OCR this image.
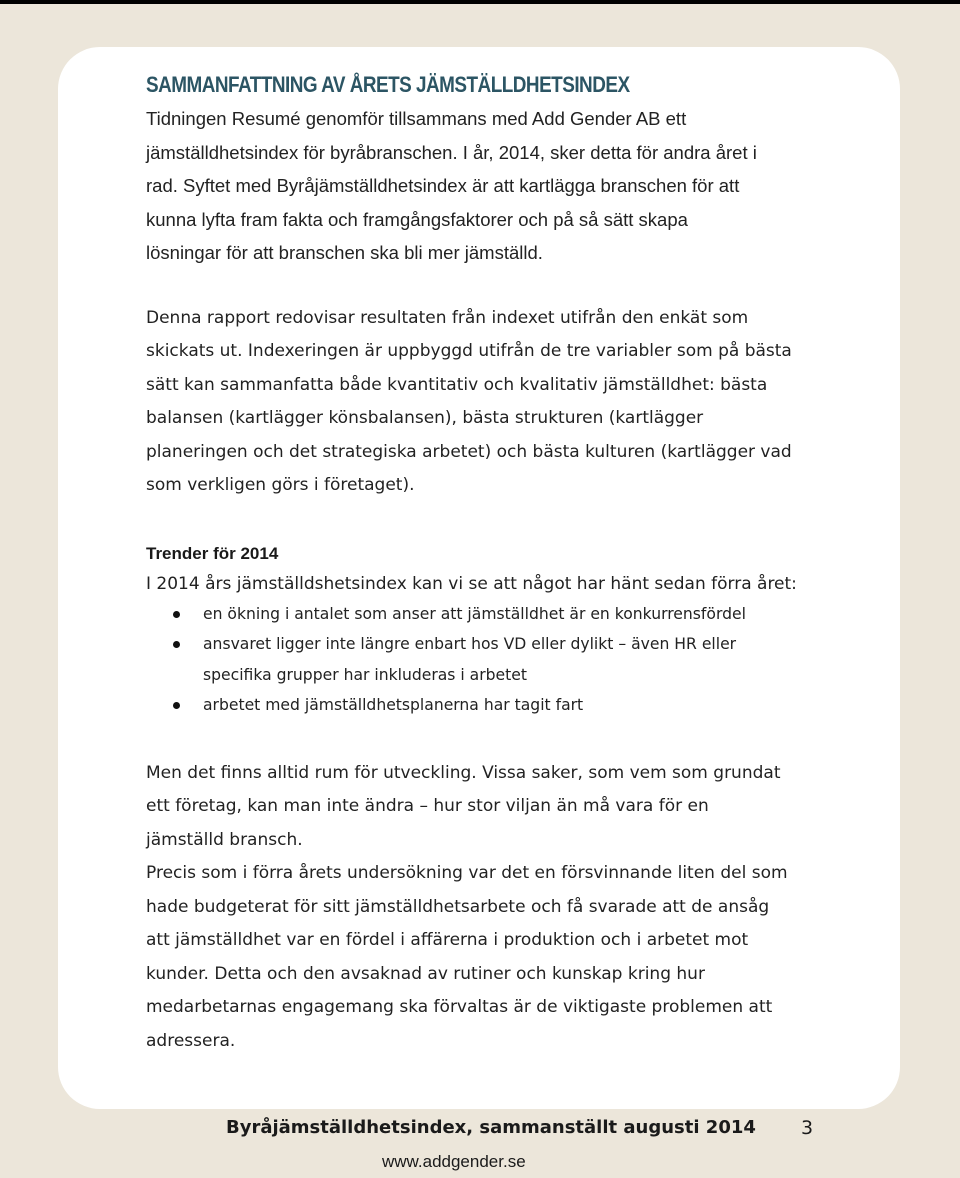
SAMMANFATTNING AV ÅRETS JÄMSTÄLLDHETSINDEX

Tidningen Resumé genomför tillsammans med Add Gender AB ett

jämställdhetsindex för byråbranschen. I år, 2014, sker detta för andra året i

rad. Syftet med Byråjämställdhetsindex är att kartlägga branschen för att

kunna lyfta fram fakta och framgångsfaktorer och på så sätt skapa

lösningar för att branschen ska bli mer jämställd.

Denna rapport redovisar resultaten från indexet utifrån den enkät som

skickats ut. Indexeringen är uppbyggd utifrån de tre variabler som på bästa

sätt kan sammanfatta både kvantitativ och kvalitativ jämställdhet: bästa

balansen (kartlägger könsbalansen), bästa strukturen (kartlägger

planeringen och det strategiska arbetet) och bästa kulturen (kartlägger vad

som verkligen görs i företaget).

Trender för 2014

I 2014 års jämställdshetsindex kan vi se att något har hänt sedan förra året:

en ökning i antalet som anser att jämställdhet är en konkurrensfördel
ansvaret ligger inte längre enbart hos VD eller dylikt – även HR eller
specifika grupper har inkluderas i arbetet
arbetet med jämställdhetsplanerna har tagit fart

Men det finns alltid rum för utveckling. Vissa saker, som vem som grundat

ett företag, kan man inte ändra – hur stor viljan än må vara för en

jämställd bransch.

Precis som i förra årets undersökning var det en försvinnande liten del som

hade budgeterat för sitt jämställdhetsarbete och få svarade att de ansåg

att jämställdhet var en fördel i affärerna i produktion och i arbetet mot

kunder. Detta och den avsaknad av rutiner och kunskap kring hur

medarbetarnas engagemang ska förvaltas är de viktigaste problemen att

adressera.

Byråjämställdhetsindex, sammanställt augusti 2014 3
www.addgender.se
